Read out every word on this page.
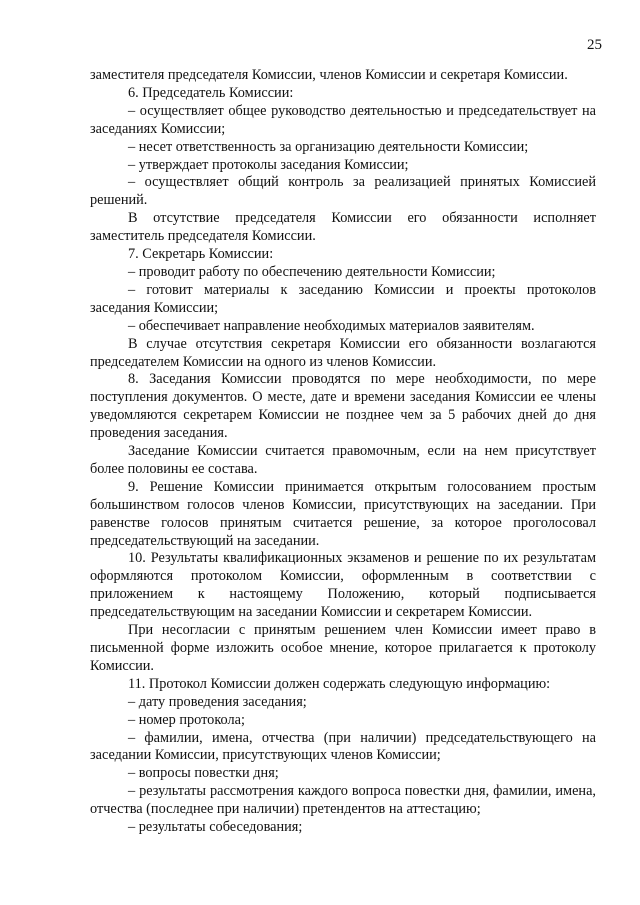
25

заместителя председателя Комиссии, членов Комиссии и секретаря Комиссии.

6. Председатель Комиссии:

– осуществляет общее руководство деятельностью и председательствует на заседаниях Комиссии;

– несет ответственность за организацию деятельности Комиссии;

– утверждает протоколы заседания Комиссии;

– осуществляет общий контроль за реализацией принятых Комиссией решений.

В отсутствие председателя Комиссии его обязанности исполняет заместитель председателя Комиссии.

7. Секретарь Комиссии:

– проводит работу по обеспечению деятельности Комиссии;

– готовит материалы к заседанию Комиссии и проекты протоколов заседания Комиссии;

– обеспечивает направление необходимых материалов заявителям.

В случае отсутствия секретаря Комиссии его обязанности возлагаются председателем Комиссии на одного из членов Комиссии.

8. Заседания Комиссии проводятся по мере необходимости, по мере поступления документов. О месте, дате и времени заседания Комиссии ее члены уведомляются секретарем Комиссии не позднее чем за 5 рабочих дней до дня проведения заседания.

Заседание Комиссии считается правомочным, если на нем присутствует более половины ее состава.

9. Решение Комиссии принимается открытым голосованием простым большинством голосов членов Комиссии, присутствующих на заседании. При равенстве голосов принятым считается решение, за которое проголосовал председательствующий на заседании.

10. Результаты квалификационных экзаменов и решение по их результатам оформляются протоколом Комиссии, оформленным в соответствии с приложением к настоящему Положению, который подписывается председательствующим на заседании Комиссии и секретарем Комиссии.

При несогласии с принятым решением член Комиссии имеет право в письменной форме изложить особое мнение, которое прилагается к протоколу Комиссии.

11. Протокол Комиссии должен содержать следующую информацию:

– дату проведения заседания;

– номер протокола;

– фамилии, имена, отчества (при наличии) председательствующего на заседании Комиссии, присутствующих членов Комиссии;

– вопросы повестки дня;

– результаты рассмотрения каждого вопроса повестки дня, фамилии, имена, отчества (последнее при наличии) претендентов на аттестацию;

– результаты собеседования;
